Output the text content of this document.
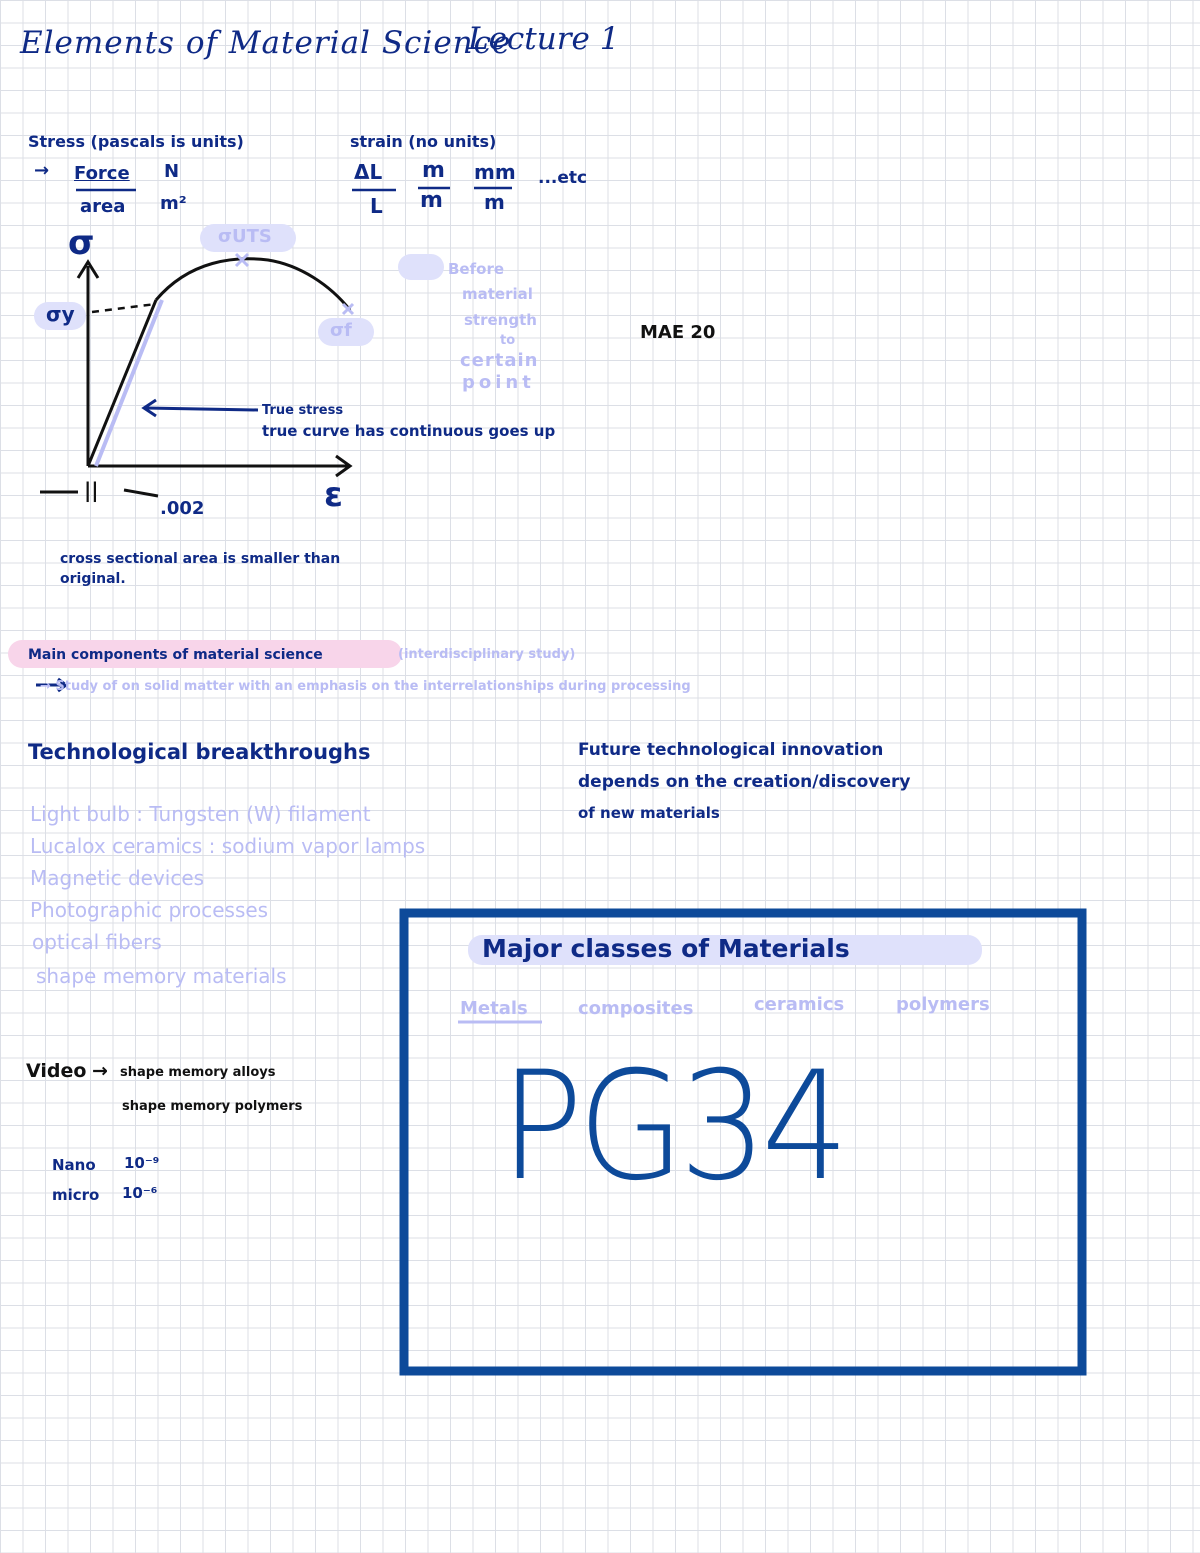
Elements of Material Science
Lecture 1
Stress (pascals is units)
→ Force
area
N
m²
strain (no units)
ΔL
L
m
m
mm
m
...etc
σ	σUTS
σy
σf
ε
||
.002
Before
material
strength
to
certain
point
MAE 20
True stress
true curve has continuous goes up
cross sectional area is smaller than
original.
Main components of material science	(interdisciplinary study)
→ Study of on solid matter with an emphasis on the interrelationships during processing
Technological breakthroughs
Light bulb : Tungsten (W) filament
Lucalox ceramics : sodium vapor lamps
Magnetic devices
Photographic processes
optical fibers
shape memory materials
Future technological innovation
depends on the creation/discovery
of new materials
Video → shape memory alloys
shape memory polymers
Nano 10⁻⁹
micro 10⁻⁶
Major classes of Materials
Metals	composites	ceramics	polymers
PG34
